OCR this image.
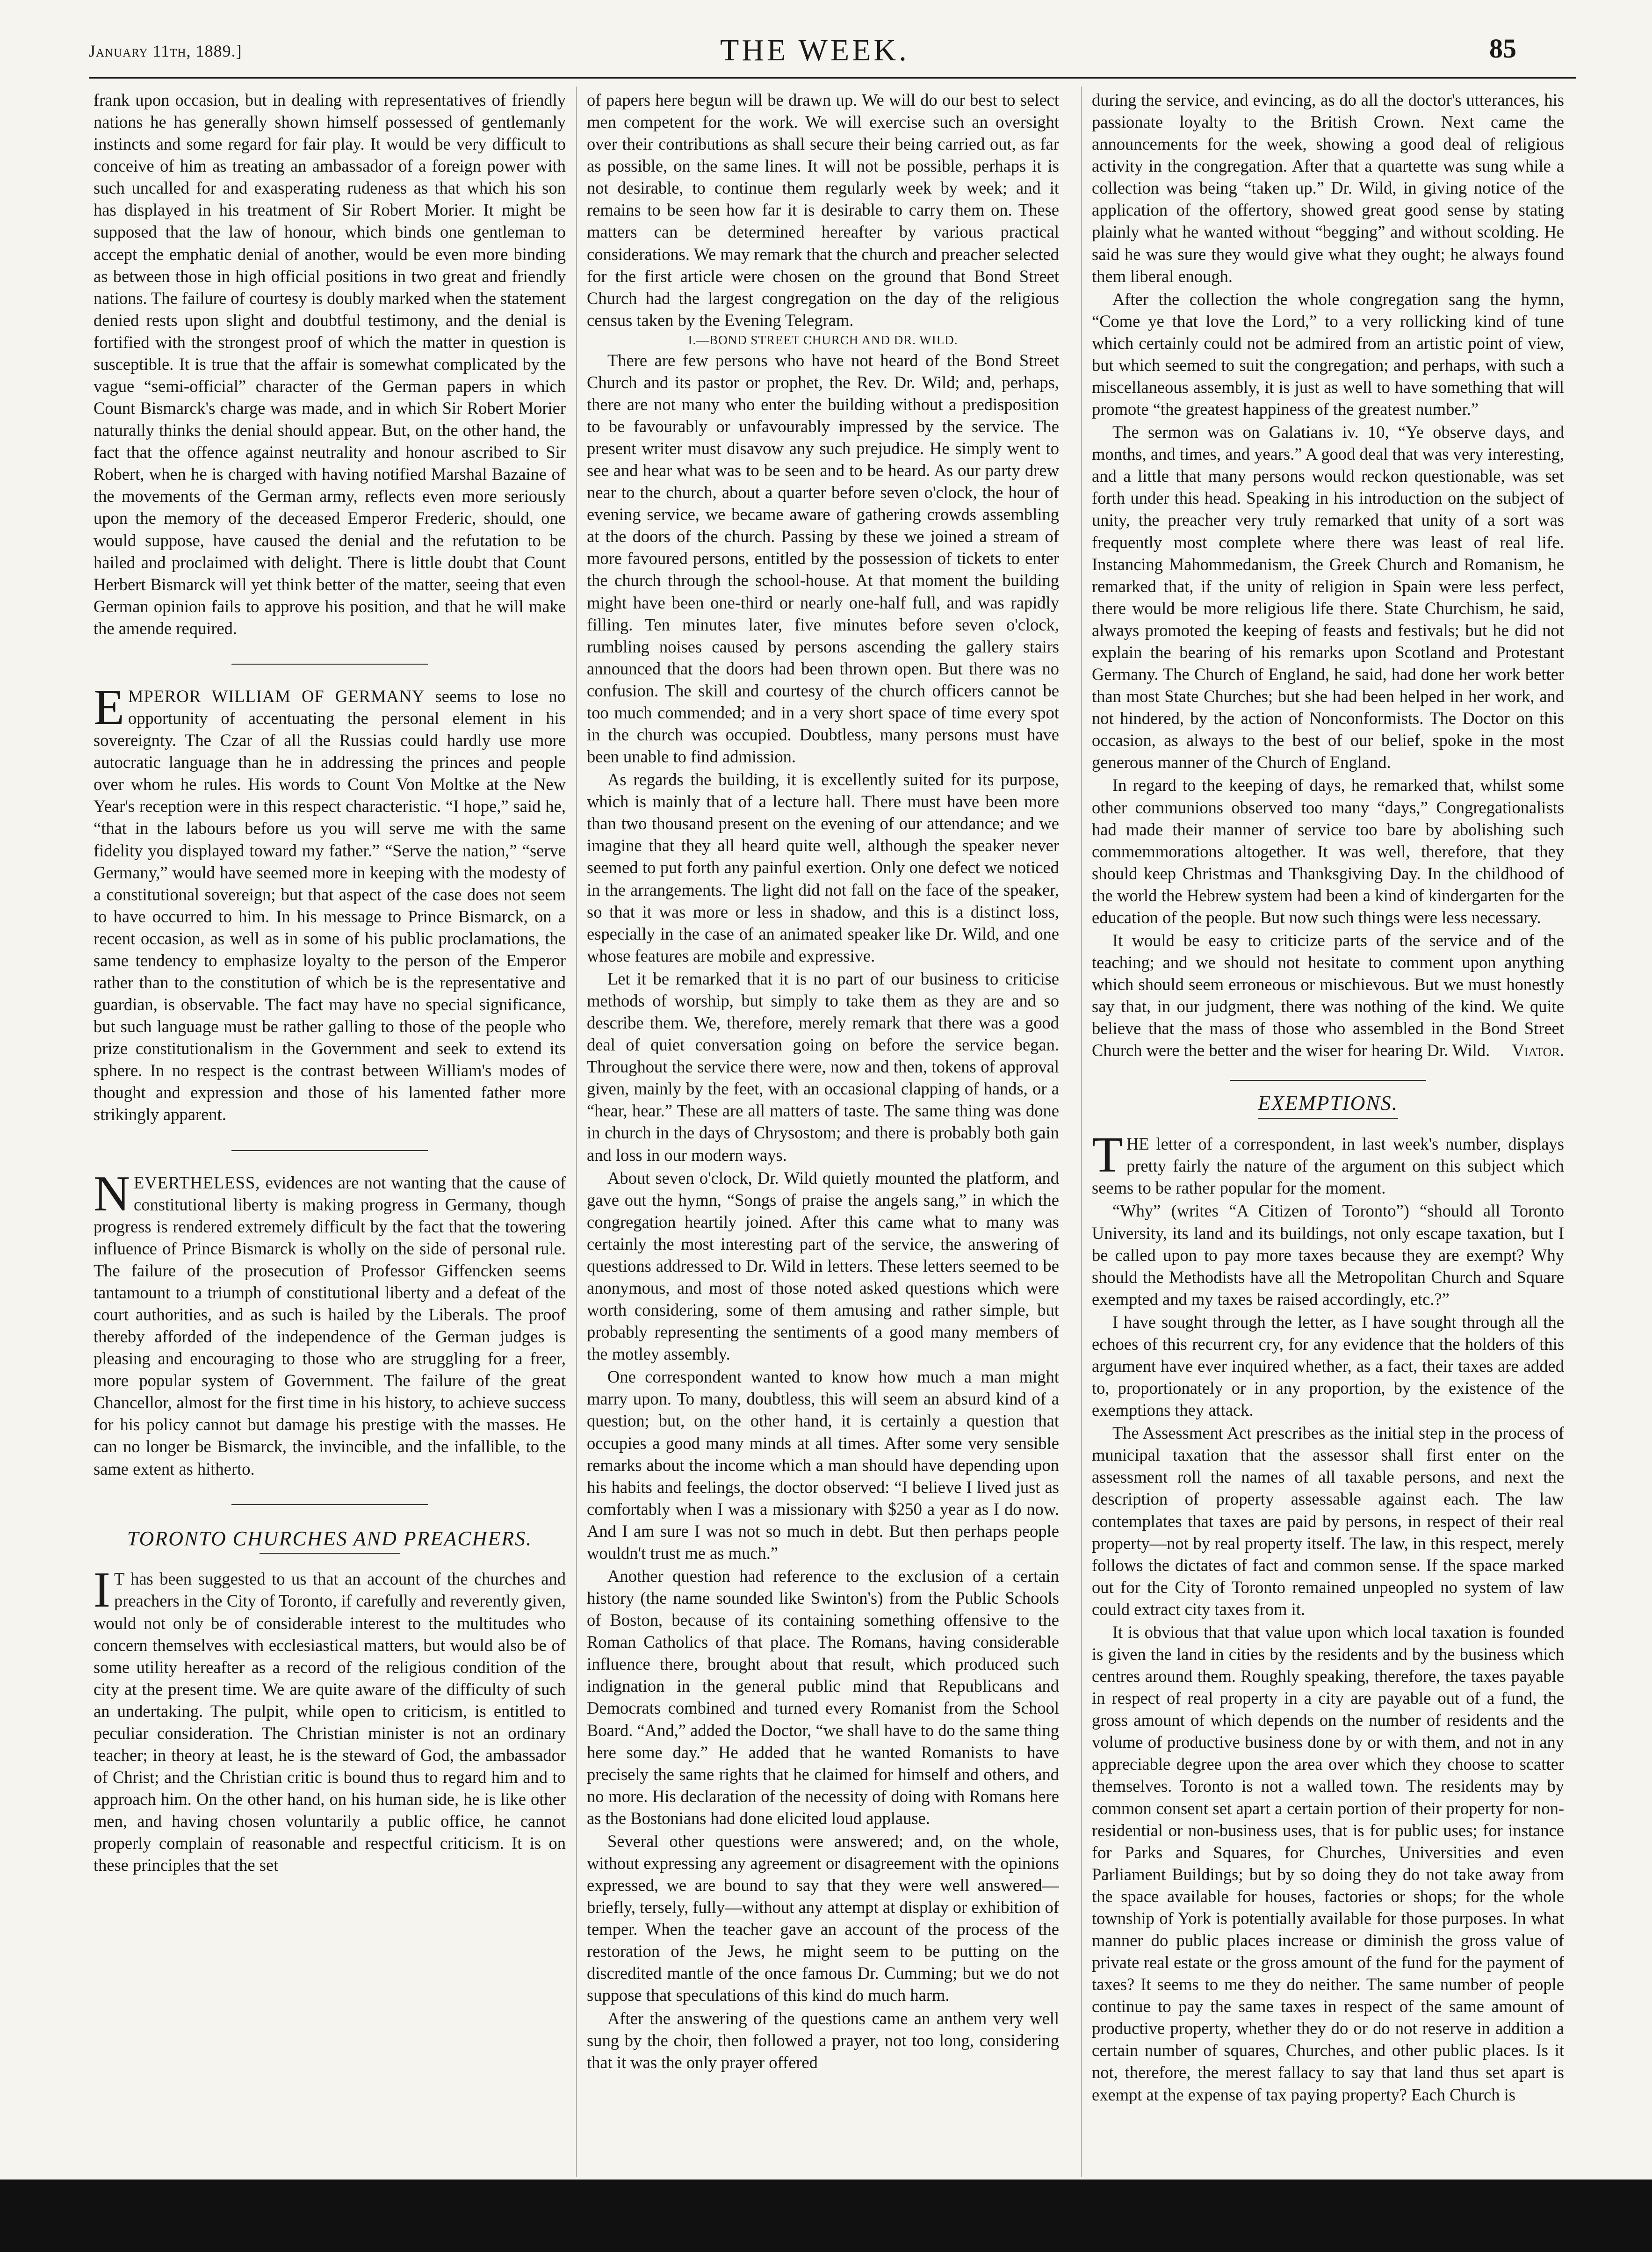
January 11th, 1889.]	THE WEEK.	85

frank upon occasion, but in dealing with representatives of friendly nations he has generally shown himself possessed of gentlemanly instincts and some regard for fair play. It would be very difficult to conceive of him as treating an ambassador of a foreign power with such uncalled for and exasperating rudeness as that which his son has displayed in his treatment of Sir Robert Morier. It might be supposed that the law of honour, which binds one gentleman to accept the emphatic denial of another, would be even more binding as between those in high official positions in two great and friendly nations. The failure of courtesy is doubly marked when the statement denied rests upon slight and doubtful testimony, and the denial is fortified with the strongest proof of which the matter in question is susceptible. It is true that the affair is somewhat complicated by the vague “semi-official” character of the German papers in which Count Bismarck's charge was made, and in which Sir Robert Morier naturally thinks the denial should appear. But, on the other hand, the fact that the offence against neutrality and honour ascribed to Sir Robert, when he is charged with having notified Marshal Bazaine of the movements of the German army, reflects even more seriously upon the memory of the deceased Emperor Frederic, should, one would suppose, have caused the denial and the refutation to be hailed and proclaimed with delight. There is little doubt that Count Herbert Bismarck will yet think better of the matter, seeing that even German opinion fails to approve his position, and that he will make the amende required.

EMPEROR WILLIAM OF GERMANY seems to lose no opportunity of accentuating the personal element in his sovereignty. The Czar of all the Russias could hardly use more autocratic language than he in addressing the princes and people over whom he rules. His words to Count Von Moltke at the New Year's reception were in this respect characteristic. “I hope,” said he, “that in the labours before us you will serve me with the same fidelity you displayed toward my father.” “Serve the nation,” “serve Germany,” would have seemed more in keeping with the modesty of a constitutional sovereign; but that aspect of the case does not seem to have occurred to him. In his message to Prince Bismarck, on a recent occasion, as well as in some of his public proclamations, the same tendency to emphasize loyalty to the person of the Emperor rather than to the constitution of which be is the representative and guardian, is observable. The fact may have no special significance, but such language must be rather galling to those of the people who prize constitutionalism in the Government and seek to extend its sphere. In no respect is the contrast between William's modes of thought and expression and those of his lamented father more strikingly apparent.

NEVERTHELESS, evidences are not wanting that the cause of constitutional liberty is making progress in Germany, though progress is rendered extremely difficult by the fact that the towering influence of Prince Bismarck is wholly on the side of personal rule. The failure of the prosecution of Professor Giffencken seems tantamount to a triumph of constitutional liberty and a defeat of the court authorities, and as such is hailed by the Liberals. The proof thereby afforded of the independence of the German judges is pleasing and encouraging to those who are struggling for a freer, more popular system of Government. The failure of the great Chancellor, almost for the first time in his history, to achieve success for his policy cannot but damage his prestige with the masses. He can no longer be Bismarck, the invincible, and the infallible, to the same extent as hitherto.

TORONTO CHURCHES AND PREACHERS.

I T has been suggested to us that an account of the churches and preachers in the City of Toronto, if carefully and reverently given, would not only be of considerable interest to the multitudes who concern themselves with ecclesiastical matters, but would also be of some utility hereafter as a record of the religious condition of the city at the present time. We are quite aware of the difficulty of such an undertaking. The pulpit, while open to criticism, is entitled to peculiar consideration. The Christian minister is not an ordinary teacher; in theory at least, he is the steward of God, the ambassador of Christ; and the Christian critic is bound thus to regard him and to approach him. On the other hand, on his human side, he is like other men, and having chosen voluntarily a public office, he cannot properly complain of reasonable and respectful criticism. It is on these principles that the set

of papers here begun will be drawn up. We will do our best to select men competent for the work. We will exercise such an oversight over their contributions as shall secure their being carried out, as far as possible, on the same lines. It will not be possible, perhaps it is not desirable, to continue them regularly week by week; and it remains to be seen how far it is desirable to carry them on. These matters can be determined hereafter by various practical considerations. We may remark that the church and preacher selected for the first article were chosen on the ground that Bond Street Church had the largest congregation on the day of the religious census taken by the Evening Telegram.

I.—BOND STREET CHURCH AND DR. WILD.

There are few persons who have not heard of the Bond Street Church and its pastor or prophet, the Rev. Dr. Wild; and, perhaps, there are not many who enter the building without a predisposition to be favourably or unfavourably impressed by the service. The present writer must disavow any such prejudice. He simply went to see and hear what was to be seen and to be heard. As our party drew near to the church, about a quarter before seven o'clock, the hour of evening service, we became aware of gathering crowds assembling at the doors of the church. Passing by these we joined a stream of more favoured persons, entitled by the possession of tickets to enter the church through the school-house. At that moment the building might have been one-third or nearly one-half full, and was rapidly filling. Ten minutes later, five minutes before seven o'clock, rumbling noises caused by persons ascending the gallery stairs announced that the doors had been thrown open. But there was no confusion. The skill and courtesy of the church officers cannot be too much commended; and in a very short space of time every spot in the church was occupied. Doubtless, many persons must have been unable to find admission.

As regards the building, it is excellently suited for its purpose, which is mainly that of a lecture hall. There must have been more than two thousand present on the evening of our attendance; and we imagine that they all heard quite well, although the speaker never seemed to put forth any painful exertion. Only one defect we noticed in the arrangements. The light did not fall on the face of the speaker, so that it was more or less in shadow, and this is a distinct loss, especially in the case of an animated speaker like Dr. Wild, and one whose features are mobile and expressive.

Let it be remarked that it is no part of our business to criticise methods of worship, but simply to take them as they are and so describe them. We, therefore, merely remark that there was a good deal of quiet conversation going on before the service began. Throughout the service there were, now and then, tokens of approval given, mainly by the feet, with an occasional clapping of hands, or a “hear, hear.” These are all matters of taste. The same thing was done in church in the days of Chrysostom; and there is probably both gain and loss in our modern ways.

About seven o'clock, Dr. Wild quietly mounted the platform, and gave out the hymn, “Songs of praise the angels sang,” in which the congregation heartily joined. After this came what to many was certainly the most interesting part of the service, the answering of questions addressed to Dr. Wild in letters. These letters seemed to be anonymous, and most of those noted asked questions which were worth considering, some of them amusing and rather simple, but probably representing the sentiments of a good many members of the motley assembly.

One correspondent wanted to know how much a man might marry upon. To many, doubtless, this will seem an absurd kind of a question; but, on the other hand, it is certainly a question that occupies a good many minds at all times. After some very sensible remarks about the income which a man should have depending upon his habits and feelings, the doctor observed: “I believe I lived just as comfortably when I was a missionary with $250 a year as I do now. And I am sure I was not so much in debt. But then perhaps people wouldn't trust me as much.”

Another question had reference to the exclusion of a certain history (the name sounded like Swinton's) from the Public Schools of Boston, because of its containing something offensive to the Roman Catholics of that place. The Romans, having considerable influence there, brought about that result, which produced such indignation in the general public mind that Republicans and Democrats combined and turned every Romanist from the School Board. “And,” added the Doctor, “we shall have to do the same thing here some day.” He added that he wanted Romanists to have precisely the same rights that he claimed for himself and others, and no more. His declaration of the necessity of doing with Romans here as the Bostonians had done elicited loud applause.

Several other questions were answered; and, on the whole, without expressing any agreement or disagreement with the opinions expressed, we are bound to say that they were well answered—briefly, tersely, fully—without any attempt at display or exhibition of temper. When the teacher gave an account of the process of the restoration of the Jews, he might seem to be putting on the discredited mantle of the once famous Dr. Cumming; but we do not suppose that speculations of this kind do much harm.

After the answering of the questions came an anthem very well sung by the choir, then followed a prayer, not too long, considering that it was the only prayer offered

during the service, and evincing, as do all the doctor's utterances, his passionate loyalty to the British Crown. Next came the announcements for the week, showing a good deal of religious activity in the congregation. After that a quartette was sung while a collection was being “taken up.” Dr. Wild, in giving notice of the application of the offertory, showed great good sense by stating plainly what he wanted without “begging” and without scolding. He said he was sure they would give what they ought; he always found them liberal enough.

After the collection the whole congregation sang the hymn, “Come ye that love the Lord,” to a very rollicking kind of tune which certainly could not be admired from an artistic point of view, but which seemed to suit the congregation; and perhaps, with such a miscellaneous assembly, it is just as well to have something that will promote “the greatest happiness of the greatest number.”

The sermon was on Galatians iv. 10, “Ye observe days, and months, and times, and years.” A good deal that was very interesting, and a little that many persons would reckon questionable, was set forth under this head. Speaking in his introduction on the subject of unity, the preacher very truly remarked that unity of a sort was frequently most complete where there was least of real life. Instancing Mahommedanism, the Greek Church and Romanism, he remarked that, if the unity of religion in Spain were less perfect, there would be more religious life there. State Churchism, he said, always promoted the keeping of feasts and festivals; but he did not explain the bearing of his remarks upon Scotland and Protestant Germany. The Church of England, he said, had done her work better than most State Churches; but she had been helped in her work, and not hindered, by the action of Nonconformists. The Doctor on this occasion, as always to the best of our belief, spoke in the most generous manner of the Church of England.

In regard to the keeping of days, he remarked that, whilst some other communions observed too many “days,” Congregationalists had made their manner of service too bare by abolishing such commemmorations altogether. It was well, therefore, that they should keep Christmas and Thanksgiving Day. In the childhood of the world the Hebrew system had been a kind of kindergarten for the education of the people. But now such things were less necessary.

It would be easy to criticize parts of the service and of the teaching; and we should not hesitate to comment upon anything which should seem erroneous or mischievous. But we must honestly say that, in our judgment, there was nothing of the kind. We quite believe that the mass of those who assembled in the Bond Street Church were the better and the wiser for hearing Dr. Wild.	Viator.

EXEMPTIONS.

THE letter of a correspondent, in last week's number, displays pretty fairly the nature of the argument on this subject which seems to be rather popular for the moment.

“Why” (writes “A Citizen of Toronto”) “should all Toronto University, its land and its buildings, not only escape taxation, but I be called upon to pay more taxes because they are exempt? Why should the Methodists have all the Metropolitan Church and Square exempted and my taxes be raised accordingly, etc.?”

I have sought through the letter, as I have sought through all the echoes of this recurrent cry, for any evidence that the holders of this argument have ever inquired whether, as a fact, their taxes are added to, proportionately or in any proportion, by the existence of the exemptions they attack.

The Assessment Act prescribes as the initial step in the process of municipal taxation that the assessor shall first enter on the assessment roll the names of all taxable persons, and next the description of property assessable against each. The law contemplates that taxes are paid by persons, in respect of their real property—not by real property itself. The law, in this respect, merely follows the dictates of fact and common sense. If the space marked out for the City of Toronto remained unpeopled no system of law could extract city taxes from it.

It is obvious that that value upon which local taxation is founded is given the land in cities by the residents and by the business which centres around them. Roughly speaking, therefore, the taxes payable in respect of real property in a city are payable out of a fund, the gross amount of which depends on the number of residents and the volume of productive business done by or with them, and not in any appreciable degree upon the area over which they choose to scatter themselves. Toronto is not a walled town. The residents may by common consent set apart a certain portion of their property for non-residential or non-business uses, that is for public uses; for instance for Parks and Squares, for Churches, Universities and even Parliament Buildings; but by so doing they do not take away from the space available for houses, factories or shops; for the whole township of York is potentially available for those purposes. In what manner do public places increase or diminish the gross value of private real estate or the gross amount of the fund for the payment of taxes? It seems to me they do neither. The same number of people continue to pay the same taxes in respect of the same amount of productive property, whether they do or do not reserve in addition a certain number of squares, Churches, and other public places. Is it not, therefore, the merest fallacy to say that land thus set apart is exempt at the expense of tax paying property? Each Church is
